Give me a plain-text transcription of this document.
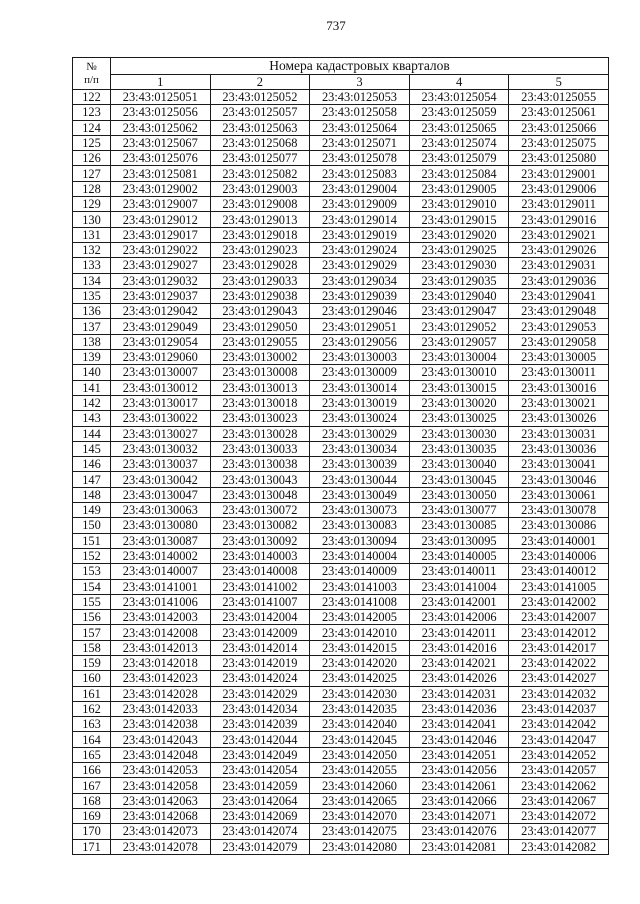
737
№
п/п	Номера кадастровых кварталов				
	1	2	3	4	5
122	23:43:0125051	23:43:0125052	23:43:0125053	23:43:0125054	23:43:0125055
123	23:43:0125056	23:43:0125057	23:43:0125058	23:43:0125059	23:43:0125061
124	23:43:0125062	23:43:0125063	23:43:0125064	23:43:0125065	23:43:0125066
125	23:43:0125067	23:43:0125068	23:43:0125071	23:43:0125074	23:43:0125075
126	23:43:0125076	23:43:0125077	23:43:0125078	23:43:0125079	23:43:0125080
127	23:43:0125081	23:43:0125082	23:43:0125083	23:43:0125084	23:43:0129001
128	23:43:0129002	23:43:0129003	23:43:0129004	23:43:0129005	23:43:0129006
129	23:43:0129007	23:43:0129008	23:43:0129009	23:43:0129010	23:43:0129011
130	23:43:0129012	23:43:0129013	23:43:0129014	23:43:0129015	23:43:0129016
131	23:43:0129017	23:43:0129018	23:43:0129019	23:43:0129020	23:43:0129021
132	23:43:0129022	23:43:0129023	23:43:0129024	23:43:0129025	23:43:0129026
133	23:43:0129027	23:43:0129028	23:43:0129029	23:43:0129030	23:43:0129031
134	23:43:0129032	23:43:0129033	23:43:0129034	23:43:0129035	23:43:0129036
135	23:43:0129037	23:43:0129038	23:43:0129039	23:43:0129040	23:43:0129041
136	23:43:0129042	23:43:0129043	23:43:0129046	23:43:0129047	23:43:0129048
137	23:43:0129049	23:43:0129050	23:43:0129051	23:43:0129052	23:43:0129053
138	23:43:0129054	23:43:0129055	23:43:0129056	23:43:0129057	23:43:0129058
139	23:43:0129060	23:43:0130002	23:43:0130003	23:43:0130004	23:43:0130005
140	23:43:0130007	23:43:0130008	23:43:0130009	23:43:0130010	23:43:0130011
141	23:43:0130012	23:43:0130013	23:43:0130014	23:43:0130015	23:43:0130016
142	23:43:0130017	23:43:0130018	23:43:0130019	23:43:0130020	23:43:0130021
143	23:43:0130022	23:43:0130023	23:43:0130024	23:43:0130025	23:43:0130026
144	23:43:0130027	23:43:0130028	23:43:0130029	23:43:0130030	23:43:0130031
145	23:43:0130032	23:43:0130033	23:43:0130034	23:43:0130035	23:43:0130036
146	23:43:0130037	23:43:0130038	23:43:0130039	23:43:0130040	23:43:0130041
147	23:43:0130042	23:43:0130043	23:43:0130044	23:43:0130045	23:43:0130046
148	23:43:0130047	23:43:0130048	23:43:0130049	23:43:0130050	23:43:0130061
149	23:43:0130063	23:43:0130072	23:43:0130073	23:43:0130077	23:43:0130078
150	23:43:0130080	23:43:0130082	23:43:0130083	23:43:0130085	23:43:0130086
151	23:43:0130087	23:43:0130092	23:43:0130094	23:43:0130095	23:43:0140001
152	23:43:0140002	23:43:0140003	23:43:0140004	23:43:0140005	23:43:0140006
153	23:43:0140007	23:43:0140008	23:43:0140009	23:43:0140011	23:43:0140012
154	23:43:0141001	23:43:0141002	23:43:0141003	23:43:0141004	23:43:0141005
155	23:43:0141006	23:43:0141007	23:43:0141008	23:43:0142001	23:43:0142002
156	23:43:0142003	23:43:0142004	23:43:0142005	23:43:0142006	23:43:0142007
157	23:43:0142008	23:43:0142009	23:43:0142010	23:43:0142011	23:43:0142012
158	23:43:0142013	23:43:0142014	23:43:0142015	23:43:0142016	23:43:0142017
159	23:43:0142018	23:43:0142019	23:43:0142020	23:43:0142021	23:43:0142022
160	23:43:0142023	23:43:0142024	23:43:0142025	23:43:0142026	23:43:0142027
161	23:43:0142028	23:43:0142029	23:43:0142030	23:43:0142031	23:43:0142032
162	23:43:0142033	23:43:0142034	23:43:0142035	23:43:0142036	23:43:0142037
163	23:43:0142038	23:43:0142039	23:43:0142040	23:43:0142041	23:43:0142042
164	23:43:0142043	23:43:0142044	23:43:0142045	23:43:0142046	23:43:0142047
165	23:43:0142048	23:43:0142049	23:43:0142050	23:43:0142051	23:43:0142052
166	23:43:0142053	23:43:0142054	23:43:0142055	23:43:0142056	23:43:0142057
167	23:43:0142058	23:43:0142059	23:43:0142060	23:43:0142061	23:43:0142062
168	23:43:0142063	23:43:0142064	23:43:0142065	23:43:0142066	23:43:0142067
169	23:43:0142068	23:43:0142069	23:43:0142070	23:43:0142071	23:43:0142072
170	23:43:0142073	23:43:0142074	23:43:0142075	23:43:0142076	23:43:0142077
171	23:43:0142078	23:43:0142079	23:43:0142080	23:43:0142081	23:43:0142082
